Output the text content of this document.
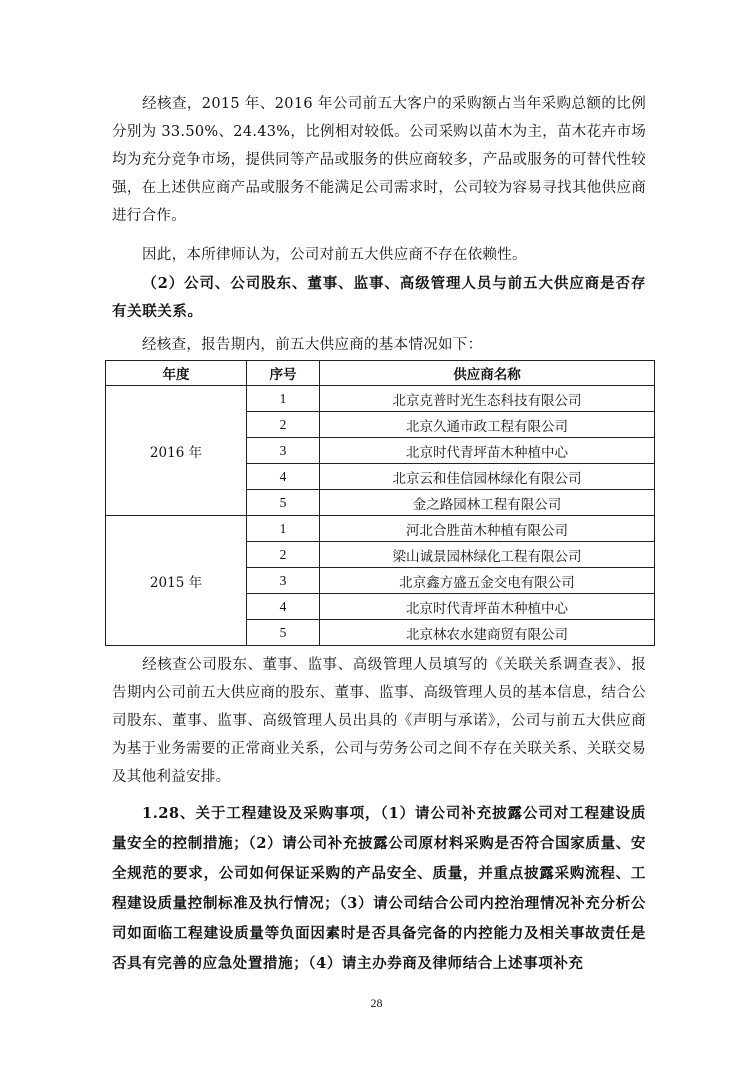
经核查，2015 年、2016 年公司前五大客户的采购额占当年采购总额的比例分别为 33.50%、24.43%，比例相对较低。公司采购以苗木为主，苗木花卉市场均为充分竞争市场，提供同等产品或服务的供应商较多，产品或服务的可替代性较强，在上述供应商产品或服务不能满足公司需求时，公司较为容易寻找其他供应商进行合作。
因此，本所律师认为，公司对前五大供应商不存在依赖性。
（2）公司、公司股东、董事、监事、高级管理人员与前五大供应商是否存有关联关系。
经核查，报告期内，前五大供应商的基本情况如下：
年度	序号	供应商名称
2016 年	1	北京克普时光生态科技有限公司
	2	北京久通市政工程有限公司
	3	北京时代青坪苗木种植中心
	4	北京云和佳信园林绿化有限公司
	5	金之路园林工程有限公司
2015 年	1	河北合胜苗木种植有限公司
	2	梁山诚景园林绿化工程有限公司
	3	北京鑫方盛五金交电有限公司
	4	北京时代青坪苗木种植中心
	5	北京林农水建商贸有限公司
经核查公司股东、董事、监事、高级管理人员填写的《关联关系调查表》、报告期内公司前五大供应商的股东、董事、监事、高级管理人员的基本信息，结合公司股东、董事、监事、高级管理人员出具的《声明与承诺》，公司与前五大供应商为基于业务需要的正常商业关系，公司与劳务公司之间不存在关联关系、关联交易及其他利益安排。
1.28、关于工程建设及采购事项，（1）请公司补充披露公司对工程建设质量安全的控制措施；（2）请公司补充披露公司原材料采购是否符合国家质量、安全规范的要求，公司如何保证采购的产品安全、质量，并重点披露采购流程、工程建设质量控制标准及执行情况；（3）请公司结合公司内控治理情况补充分析公司如面临工程建设质量等负面因素时是否具备完备的内控能力及相关事故责任是否具有完善的应急处置措施；（4）请主办券商及律师结合上述事项补充
28
